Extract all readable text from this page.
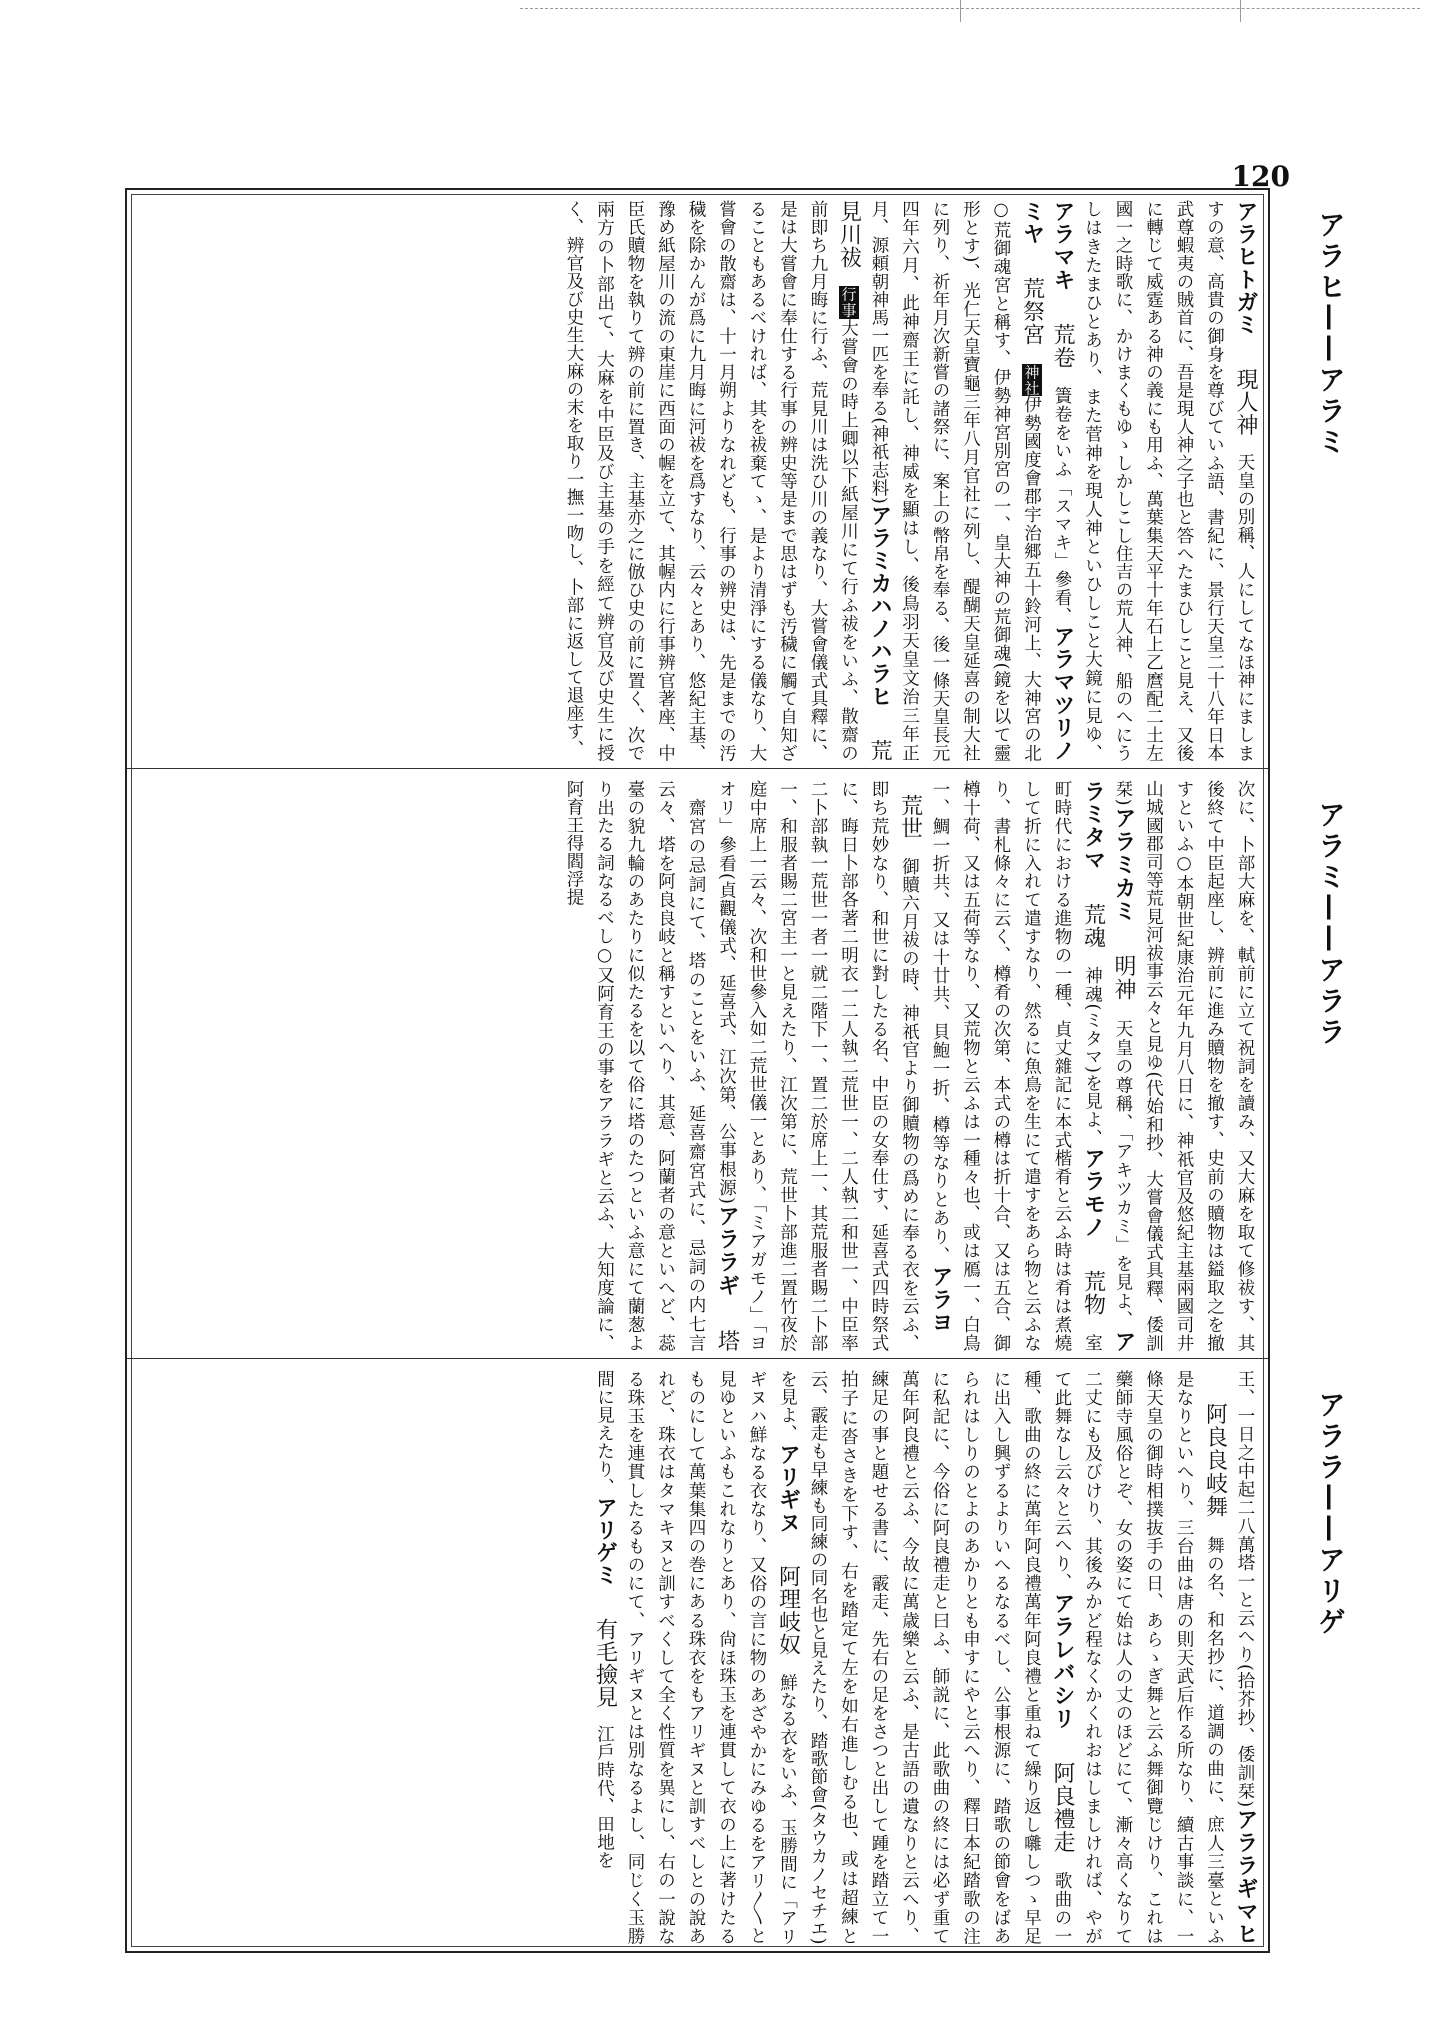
120
アラヒトガミ現人神天皇の別稱、人にしてなほ神にましますの意、高貴の御身を尊びていふ語、書紀に、景行天皇二十八年日本武尊蝦夷の賊首に、吾是現人神之子也と答へたまひしこと見え、又後に轉じて威霆ある神の義にも用ふ、萬葉集天平十年石上乙麿配二土左國一之時歌に、かけまくもゆゝしかしこし住吉の荒人神、船のへにうしはきたまひとあり、また菅神を現人神といひしこと大鏡に見ゆ、アラマキ荒卷簀卷をいふ「スマキ」參看、アラマツリノミヤ荒祭宮神社伊勢國度會郡宇治郷五十鈴河上、大神宮の北○荒御魂宮と稱す、伊勢神宮別宮の一、皇大神の荒御魂(鏡を以て靈形とす)、光仁天皇寶龜三年八月官社に列し、醍醐天皇延喜の制大社に列り、祈年月次新嘗の諸祭に、案上の幣帛を奉る、後一條天皇長元四年六月、此神齋王に託し、神威を顯はし、後鳥羽天皇文治三年正月、源頼朝神馬一匹を奉る(神祇志料)アラミカハノハラヒ荒見川祓行事大嘗會の時上卿以下紙屋川にて行ふ祓をいふ、散齋の前即ち九月晦に行ふ、荒見川は洗ひ川の義なり、大嘗會儀式具釋に、是は大嘗會に奉仕する行事の辨史等是まで思はずも汚穢に觸て自知ざることもあるべければ、其を祓棄てゝ、是より清淨にする儀なり、大嘗會の散齋は、十一月朔よりなれども、行事の辨史は、先是までの汚穢を除かんが爲に九月晦に河祓を爲すなり、云々とあり、悠紀主基、豫め紙屋川の流の東崖に西面の幄を立て、其幄内に行事辨官著座、中臣氏贖物を執りて辨の前に置き、主基亦之に倣ひ史の前に置く、次で兩方の卜部出て、大麻を中臣及び主基の手を經て辨官及び史生に授く、辨官及び史生大麻の末を取り一撫一吻し、卜部に返して退座す、
次に、卜部大麻を、軾前に立て祝詞を讀み、又大麻を取て修祓す、其後終て中臣起座し、辨前に進み贖物を撤す、史前の贖物は鎰取之を撤すといふ○本朝世紀康治元年九月八日に、神祇官及悠紀主基兩國司井山城國郡司等荒見河祓事云々と見ゆ(代始和抄、大嘗會儀式具釋、倭訓栞)アラミカミ明神天皇の尊稱、「アキツカミ」を見よ、アラミタマ荒魂神魂(ミタマ)を見よ、アラモノ荒物室町時代における進物の一種、貞丈雜記に本式楷肴と云ふ時は肴は煮燒して折に入れて遣すなり、然るに魚鳥を生にて遣すをあら物と云ふなり、書札條々に云く、樽肴の次第、本式の樽は折十合、又は五合、御樽十荷、又は五荷等なり、又荒物と云ふは一種々也、或は鴈一、白鳥一、鯛一折共、又は十廿共、貝鮑一折、樽等なりとあり、アラヨ荒世御贖六月祓の時、神祇官より御贖物の爲めに奉る衣を云ふ、即ち荒妙なり、和世に對したる名、中臣の女奉仕す、延喜式四時祭式に、晦日卜部各著二明衣一二人執二荒世一、二人執二和世一、中臣率二卜部執一荒世一者一就二階下一、置二於席上一、其荒服者賜二卜部一、和服者賜二宮主一と見えたり、江次第に、荒世卜部進二置竹夜於庭中席上一云々、次和世參入如二荒世儀一とあり、「ミアガモノ」「ヨオリ」參看(貞觀儀式、延喜式、江次第、公事根源)アララギ塔齋宮の忌詞にて、塔のことをいふ、延喜齋宮式に、忌詞の内七言云々、塔を阿良良岐と稱すといへり、其意、阿蘭者の意といへど、蕊臺の貌九輪のあたりに似たるを以て俗に塔のたつといふ意にて蘭葱より出たる詞なるべし○又阿育王の事をアララギと云ふ、大知度論に、阿育王得閻浮提
王、一日之中起二八萬塔一と云へり(拾芥抄、倭訓栞)アララギマヒ阿良良岐舞舞の名、和名抄に、道調の曲に、庶人三臺といふ是なりといへり、三台曲は唐の則天武后作る所なり、續古事談に、一條天皇の御時相撲抜手の日、あらゝぎ舞と云ふ舞御覽じけり、これは藥師寺風俗とぞ、女の姿にて始は人の丈のほどにて、漸々高くなりて二丈にも及びけり、其後みかど程なくかくれおはしましければ、やがて此舞なし云々と云へり、アラレバシリ阿良禮走歌曲の一種、歌曲の終に萬年阿良禮萬年阿良禮と重ねて繰り返し囃しつゝ早足に出入し興ずるよりいへるなるべし、公事根源に、踏歌の節會をばあられはしりのとよのあかりとも申すにやと云へり、釋日本紀踏歌の注に私記に、今俗に阿良禮走と曰ふ、師説に、此歌曲の終には必ず重て萬年阿良禮と云ふ、今故に萬歳樂と云ふ、是古語の遺なりと云へり、練足の事と題せる書に、霰走、先右の足をさつと出して踵を踏立て一拍子に沓さきを下す、右を踏定て左を如右進しむる也、或は超練と云、霰走も早練も同練の同名也と見えたり、踏歌節會(タウカノセチエ)を見よ、アリギヌ阿理岐奴鮮なる衣をいふ、玉勝間に「アリギヌハ鮮なる衣なり、又俗の言に物のあざやかにみゆるをアリ〳〵と見ゆといふもこれなりとあり、尙ほ珠玉を連貫して衣の上に著けたるものにして萬葉集四の巻にある珠衣をもアリギヌと訓すべしとの說あれど、珠衣はタマキヌと訓すべくして全く性質を異にし、右の一說なる珠玉を連貫したるものにて、アリギヌとは別なるよし、同じく玉勝間に見えたり、アリゲミ有毛撿見江戶時代、田地を
アラヒ——アラミ
アラミ——アララ
アララ——アリゲ
